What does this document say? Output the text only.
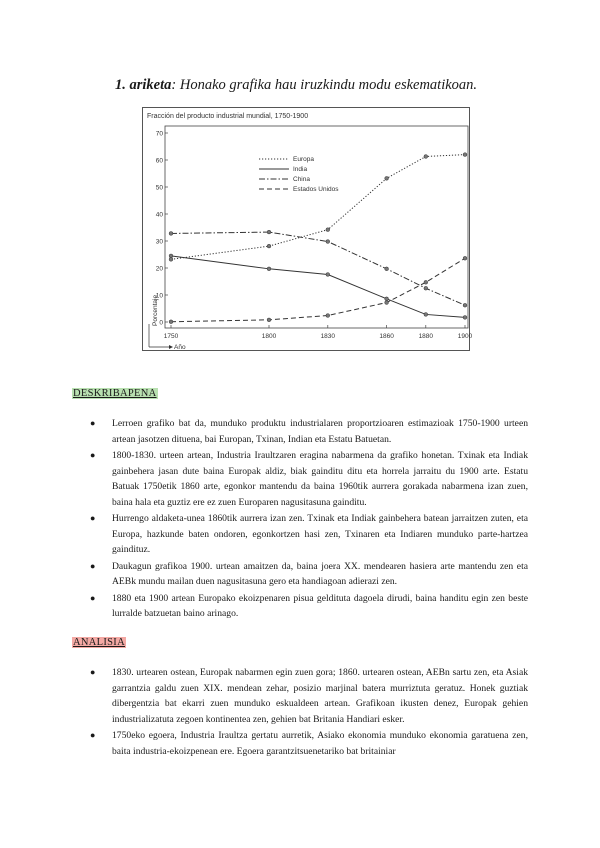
1. ariketa: Honako grafika hau iruzkindu modu eskematikoan.
Fracción del producto industrial mundial, 1750-1900
0
10
20
30
40
50
60
70
1750	1800	1830	1860	1880	1900
Porcentaje
Año
Europa
India
China
Estados Unidos
DESKRIBAPENA
● Lerroen grafiko bat da, munduko produktu industrialaren proportzioaren estimazioak 1750-1900 urteen artean jasotzen dituena, bai Europan, Txinan, Indian eta Estatu Batuetan.
● 1800-1830. urteen artean, Industria Iraultzaren eragina nabarmena da grafiko honetan. Txinak eta Indiak gainbehera jasan dute baina Europak aldiz, biak gainditu ditu eta horrela jarraitu du 1900 arte. Estatu Batuak 1750etik 1860 arte, egonkor mantendu da baina 1960tik aurrera gorakada nabarmena izan zuen, baina hala eta guztiz ere ez zuen Europaren nagusitasuna gainditu.
● Hurrengo aldaketa-unea 1860tik aurrera izan zen. Txinak eta Indiak gainbehera batean jarraitzen zuten, eta Europa, hazkunde baten ondoren, egonkortzen hasi zen, Txinaren eta Indiaren munduko parte-hartzea gaindituz.
● Daukagun grafikoa 1900. urtean amaitzen da, baina joera XX. mendearen hasiera arte mantendu zen eta AEBk mundu mailan duen nagusitasuna gero eta handiagoan adierazi zen.
● 1880 eta 1900 artean Europako ekoizpenaren pisua geldituta dagoela dirudi, baina handitu egin zen beste lurralde batzuetan baino arinago.
ANALISIA
● 1830. urtearen ostean, Europak nabarmen egin zuen gora; 1860. urtearen ostean, AEBn sartu zen, eta Asiak garrantzia galdu zuen XIX. mendean zehar, posizio marjinal batera murriztuta geratuz. Honek guztiak dibergentzia bat ekarri zuen munduko eskualdeen artean. Grafikoan ikusten denez, Europak gehien industrializatuta zegoen kontinentea zen, gehien bat Britania Handiari esker.
● 1750eko egoera, Industria Iraultza gertatu aurretik, Asiako ekonomia munduko ekonomia garatuena zen, baita industria-ekoizpenean ere. Egoera garantzitsuenetariko bat britainiar
